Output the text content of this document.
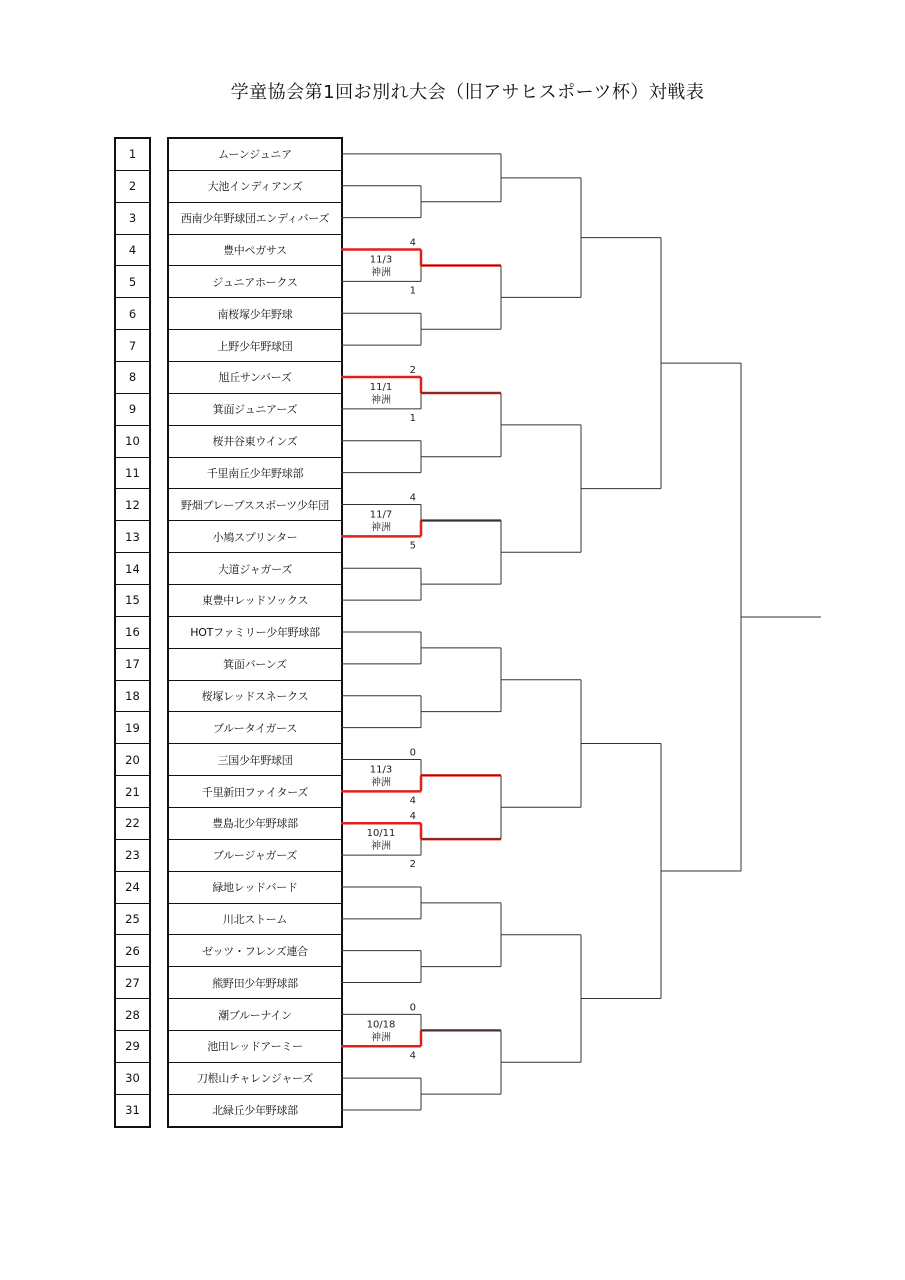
学童協会第1回お別れ大会（旧アサヒスポーツ杯）対戦表
1
2
3
4
5
6
7
8
9
10
11
12
13
14
15
16
17
18
19
20
21
22
23
24
25
26
27
28
29
30
31
ムーンジュニア
大池インディアンズ
西南少年野球団エンディバーズ
豊中ペガサス
ジュニアホークス
南桜塚少年野球
上野少年野球団
旭丘サンバーズ
箕面ジュニアーズ
桜井谷東ウインズ
千里南丘少年野球部
野畑ブレーブススポーツ少年団
小鳩スプリンター
大道ジャガーズ
東豊中レッドソックス
HOTファミリー少年野球部
箕面バーンズ
桜塚レッドスネークス
ブルータイガース
三国少年野球団
千里新田ファイターズ
豊島北少年野球部
ブルージャガーズ
緑地レッドバード
川北ストーム
ゼッツ・フレンズ連合
熊野田少年野球部
潮ブルーナイン
池田レッドアーミー
刀根山チャレンジャーズ
北緑丘少年野球部
4
1
11/3
神洲
2
1
11/1
神洲
4
5
11/7
神洲
0
4
11/3
神洲
4
2
10/11
神洲
0
4
10/18
神洲
